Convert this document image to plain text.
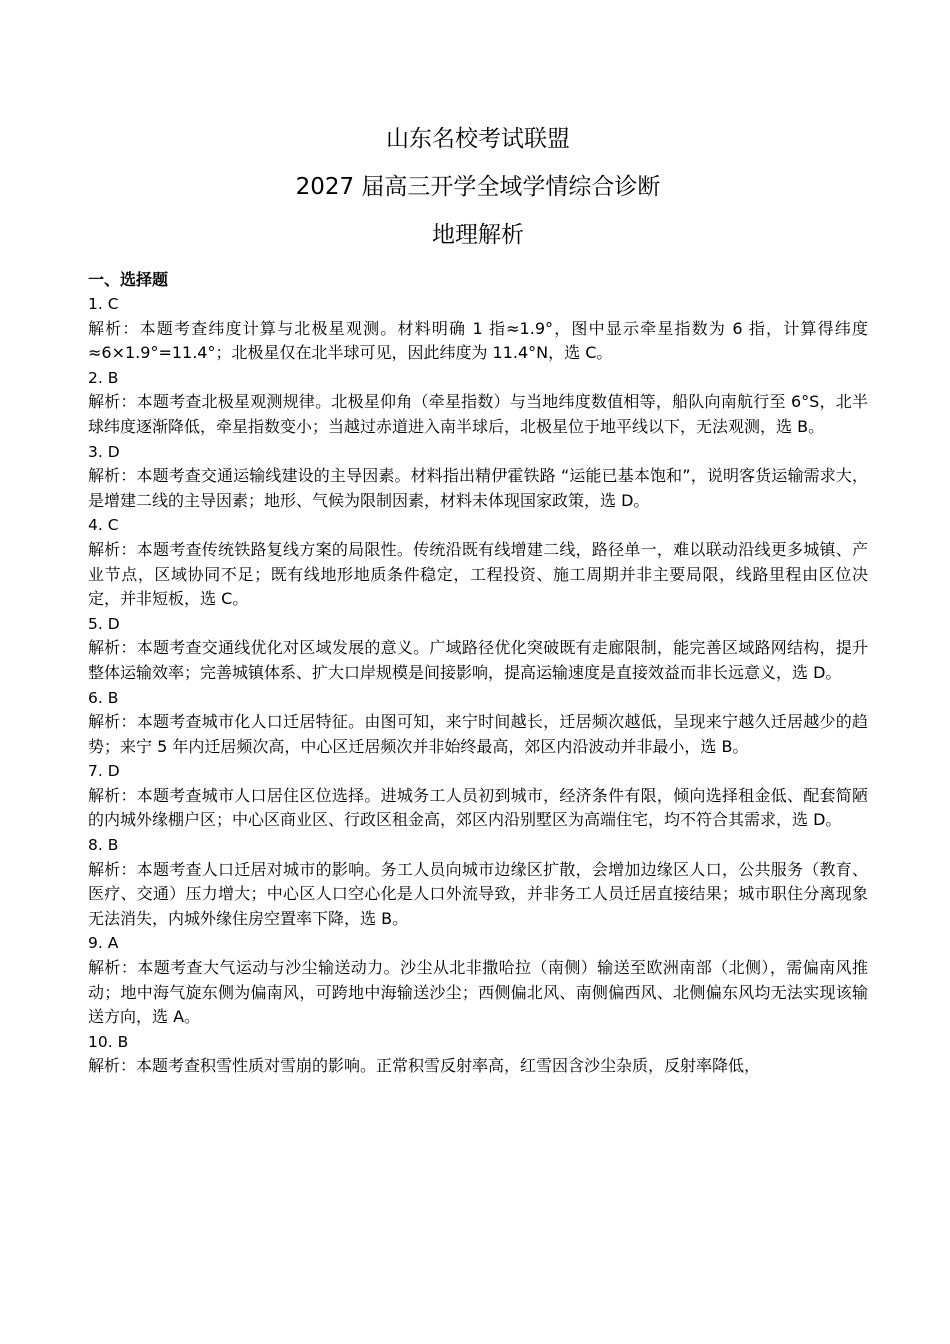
山东名校考试联盟
2027 届高三开学全域学情综合诊断
地理解析
一、选择题
1. C

解析：本题考查纬度计算与北极星观测。材料明确 1 指≈1.9°，图中显示牵星指数为 6 指，计算得纬度≈6×1.9°=11.4°；北极星仅在北半球可见，因此纬度为 11.4°N，选 C。

2. B

解析：本题考查北极星观测规律。北极星仰角（牵星指数）与当地纬度数值相等，船队向南航行至 6°S，北半球纬度逐渐降低，牵星指数变小；当越过赤道进入南半球后，北极星位于地平线以下，无法观测，选 B。

3. D

解析：本题考查交通运输线建设的主导因素。材料指出精伊霍铁路 “运能已基本饱和”，说明客货运输需求大，是增建二线的主导因素；地形、气候为限制因素，材料未体现国家政策，选 D。

4. C

解析：本题考查传统铁路复线方案的局限性。传统沿既有线增建二线，路径单一，难以联动沿线更多城镇、产业节点，区域协同不足；既有线地形地质条件稳定，工程投资、施工周期并非主要局限，线路里程由区位决定，并非短板，选 C。

5. D

解析：本题考查交通线优化对区域发展的意义。广域路径优化突破既有走廊限制，能完善区域路网结构，提升整体运输效率；完善城镇体系、扩大口岸规模是间接影响，提高运输速度是直接效益而非长远意义，选 D。

6. B

解析：本题考查城市化人口迁居特征。由图可知，来宁时间越长，迁居频次越低，呈现来宁越久迁居越少的趋势；来宁 5 年内迁居频次高，中心区迁居频次并非始终最高，郊区内沿波动并非最小，选 B。

7. D

解析：本题考查城市人口居住区位选择。进城务工人员初到城市，经济条件有限，倾向选择租金低、配套简陋的内城外缘棚户区；中心区商业区、行政区租金高，郊区内沿别墅区为高端住宅，均不符合其需求，选 D。

8. B

解析：本题考查人口迁居对城市的影响。务工人员向城市边缘区扩散，会增加边缘区人口，公共服务（教育、医疗、交通）压力增大；中心区人口空心化是人口外流导致，并非务工人员迁居直接结果；城市职住分离现象无法消失，内城外缘住房空置率下降，选 B。

9. A

解析：本题考查大气运动与沙尘输送动力。沙尘从北非撒哈拉（南侧）输送至欧洲南部（北侧），需偏南风推动；地中海气旋东侧为偏南风，可跨地中海输送沙尘；西侧偏北风、南侧偏西风、北侧偏东风均无法实现该输送方向，选 A。

10. B

解析：本题考查积雪性质对雪崩的影响。正常积雪反射率高，红雪因含沙尘杂质，反射率降低，
